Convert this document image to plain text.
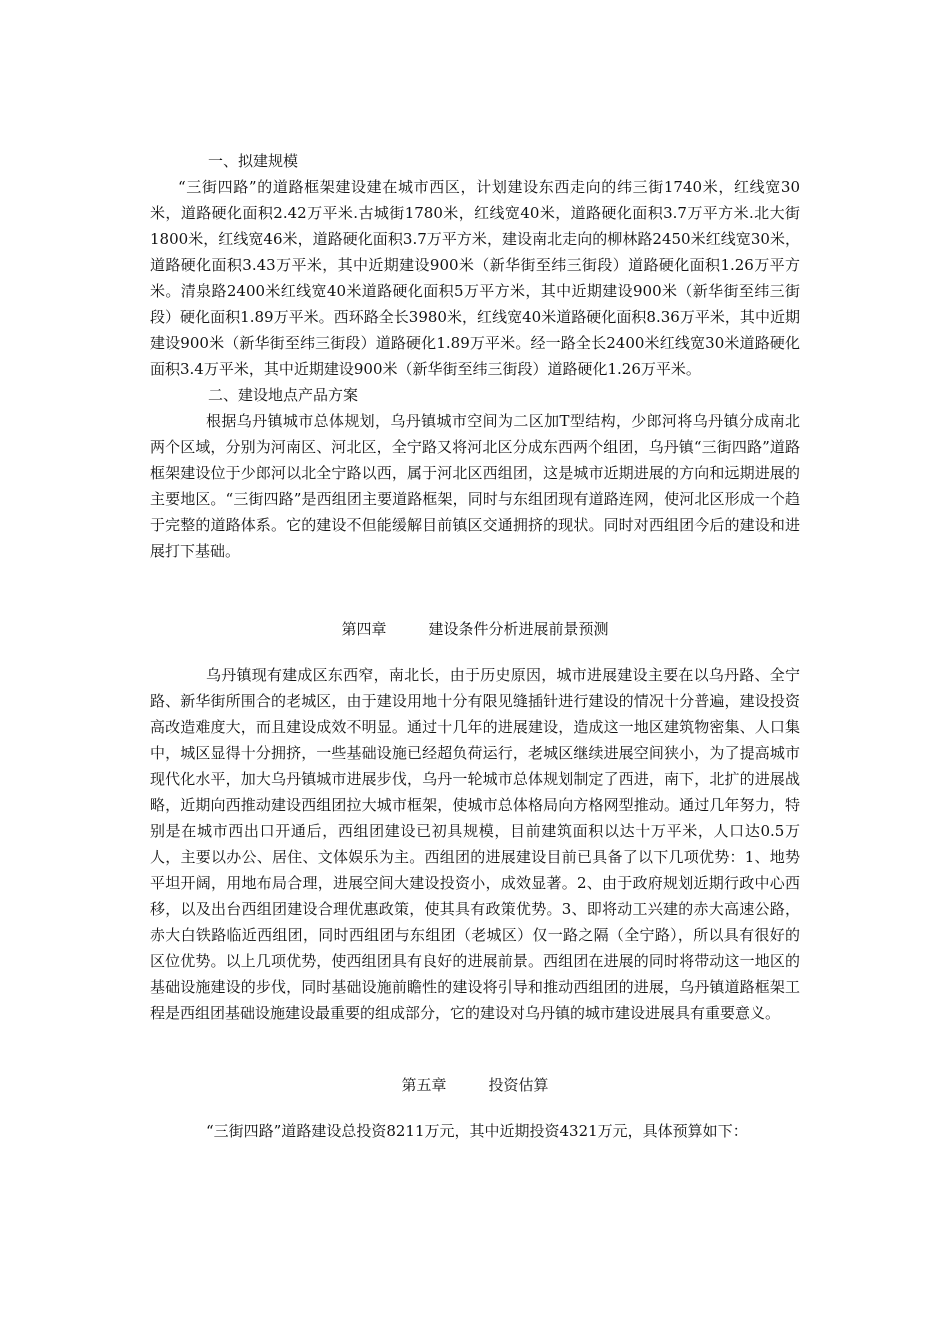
一、拟建规模

“三街四路”的道路框架建设建在城市西区，计划建设东西走向的纬三街1740米，红线宽30米，道路硬化面积2.42万平米.古城街1780米，红线宽40米，道路硬化面积3.7万平方米.北大街1800米，红线宽46米，道路硬化面积3.7万平方米，建设南北走向的柳林路2450米红线宽30米，道路硬化面积3.43万平米，其中近期建设900米（新华街至纬三街段）道路硬化面积1.26万平方米。清泉路2400米红线宽40米道路硬化面积5万平方米，其中近期建设900米（新华街至纬三街段）硬化面积1.89万平米。西环路全长3980米，红线宽40米道路硬化面积8.36万平米，其中近期建设900米（新华街至纬三街段）道路硬化1.89万平米。经一路全长2400米红线宽30米道路硬化面积3.4万平米，其中近期建设900米（新华街至纬三街段）道路硬化1.26万平米。

二、建设地点产品方案

根据乌丹镇城市总体规划，乌丹镇城市空间为二区加T型结构，少郎河将乌丹镇分成南北两个区域，分别为河南区、河北区，全宁路又将河北区分成东西两个组团，乌丹镇“三街四路”道路框架建设位于少郎河以北全宁路以西，属于河北区西组团，这是城市近期进展的方向和远期进展的主要地区。“三街四路”是西组团主要道路框架，同时与东组团现有道路连网，使河北区形成一个趋于完整的道路体系。它的建设不但能缓解目前镇区交通拥挤的现状。同时对西组团今后的建设和进展打下基础。

第四章	建设条件分析进展前景预测

乌丹镇现有建成区东西窄，南北长，由于历史原因，城市进展建设主要在以乌丹路、全宁路、新华街所围合的老城区，由于建设用地十分有限见缝插针进行建设的情况十分普遍，建设投资高改造难度大，而且建设成效不明显。通过十几年的进展建设，造成这一地区建筑物密集、人口集中，城区显得十分拥挤，一些基础设施已经超负荷运行，老城区继续进展空间狭小，为了提高城市现代化水平，加大乌丹镇城市进展步伐，乌丹一轮城市总体规划制定了西进，南下，北扩的进展战略，近期向西推动建设西组团拉大城市框架，使城市总体格局向方格网型推动。通过几年努力，特别是在城市西出口开通后，西组团建设已初具规模，目前建筑面积以达十万平米，人口达0.5万人，主要以办公、居住、文体娱乐为主。西组团的进展建设目前已具备了以下几项优势：1、地势平坦开阔，用地布局合理，进展空间大建设投资小，成效显著。2、由于政府规划近期行政中心西移，以及出台西组团建设合理优惠政策，使其具有政策优势。3、即将动工兴建的赤大高速公路，赤大白铁路临近西组团，同时西组团与东组团（老城区）仅一路之隔（全宁路），所以具有很好的区位优势。以上几项优势，使西组团具有良好的进展前景。西组团在进展的同时将带动这一地区的基础设施建设的步伐，同时基础设施前瞻性的建设将引导和推动西组团的进展，乌丹镇道路框架工程是西组团基础设施建设最重要的组成部分，它的建设对乌丹镇的城市建设进展具有重要意义。

第五章	投资估算

“三街四路”道路建设总投资8211万元，其中近期投资4321万元，具体预算如下：
